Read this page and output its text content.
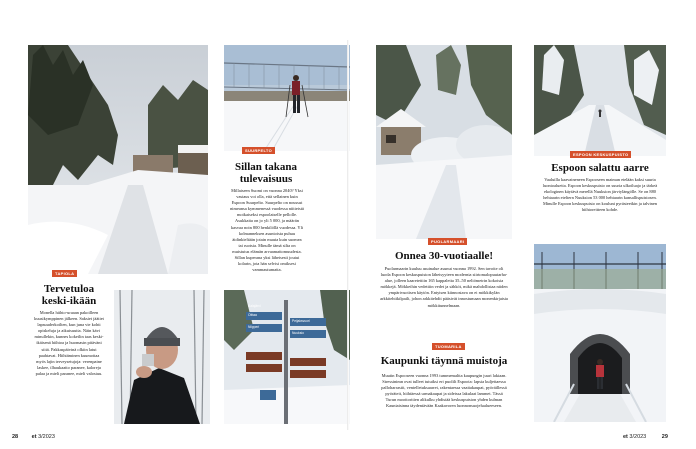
TAPIOLA
Tervetuloa
keski-ikään
Monella hiihto-uraaan pakoilleen kuusikymppinen jälkeen. Saksiet jäätiet lapsuuderkoilten, kun juna vie kohti opiskeluja ja aikuisuutta. Näin kävi minullekin, kunnes kokeilin taas keski-ikäisenä hiihtoa ja huomasin pitäväni siitä. Pakkaspäivinä olkiin latut paahtavat. Hiihtäminen kuumottaa myös lajin terveysetujoja: verenpaine laskee, ilhaukaatto paranee, kaloreja palaa ja mieli paranee, mieli valostuu.
SUURPELTO
Sillan takana
tulevaisuus
Millaiseen Suomi on vuonna 2040? Yksi vastaus voi olla, että sellainen kuin Espoon Suurpelto. Suurpelto on noussut nimeansa kymmenessä vuodessa niitteistä moikaiseksi espoolaiselle pellolle. Asukkaita on jo yli 5 000, ja määrän kasvaa noin 800 henkilöllä vuodessa. Yli kolmanneksen asuntoista puhuu äidinkieltään jotain muuta kuin suomea tai ruotsia. Minulle tämä silta on muistutus elämän arvaamattomuudesta. Sillan kuperana yksi läheisesti joutui kolarin, jota hän selvisi omiksesi vammautumatta.
Kalajärvi
Oittaa
Niipperi
Peijaksvuori
Nuuksio
28 et 3/2023
PUOLARMAARI
Onnea 30-vuotiaalle!
Puolarmaarin kuuluu asuinalue asunut vuonna 1992. Sen tavoite oli luoda Espoon keskuspuiston läheisyyteen modernia siirtomalopuutarha-alue, jolleen kaaretettiin 165 kappaletta 35–50 neliömetrin kokoisia mökkejä. Mökkeihin vedettiin vedet ja sähköt, mikä mahdollistaa niiden ympärivuotisen käytön. Entyisen kiinnostava on ei mökkikylän arkkitehtikilpailt, johon arkkitehdit pääsivät innostumaan monenkirjaisia mökkitunnelmaan.
TUOMARILA
Kaupunki täynnä muistoja
Muutin Espooseen vuonna 1993 tummemaltta kaupungin juuri lakiaan. Stressinimn ovat tulleet tutuiksi eri puolilt Espoota: lapsia kuljettaessa palloharrastit, ventelletuksaarret, rakentaessa vaaitakaupat, pyöräillessä pyöräteit, hiihtäessä urmakaupat ja sideissa lakulaat lammet. Tässä Turun moottoritien alikulku yhdistää keskuspuiston yhden kulman Kauniaisinna täydentävään Kaakavoren luonnonsuojelualueeseen.
ESPOON KESKUSPUISTO
Espoon salattu aarre
Vaaluilla kaavaineneen Espooseen maiman etelään kaksi suurta luontoaluetta. Espoon keskuspuisto on suuria ulkoiluajo ja tärkeä ekologinen käytävä merellä Nuuksion järviylängölle. Se on 880 hehtaarin eteltern Nuuksion 53 000 hehtaarin kansallispuistosen. Minulle Espoon keskuspuisto on kouluni pyrästeetkin ja talvinen hiihtoreitteen kohde.
et 3/2023	29
